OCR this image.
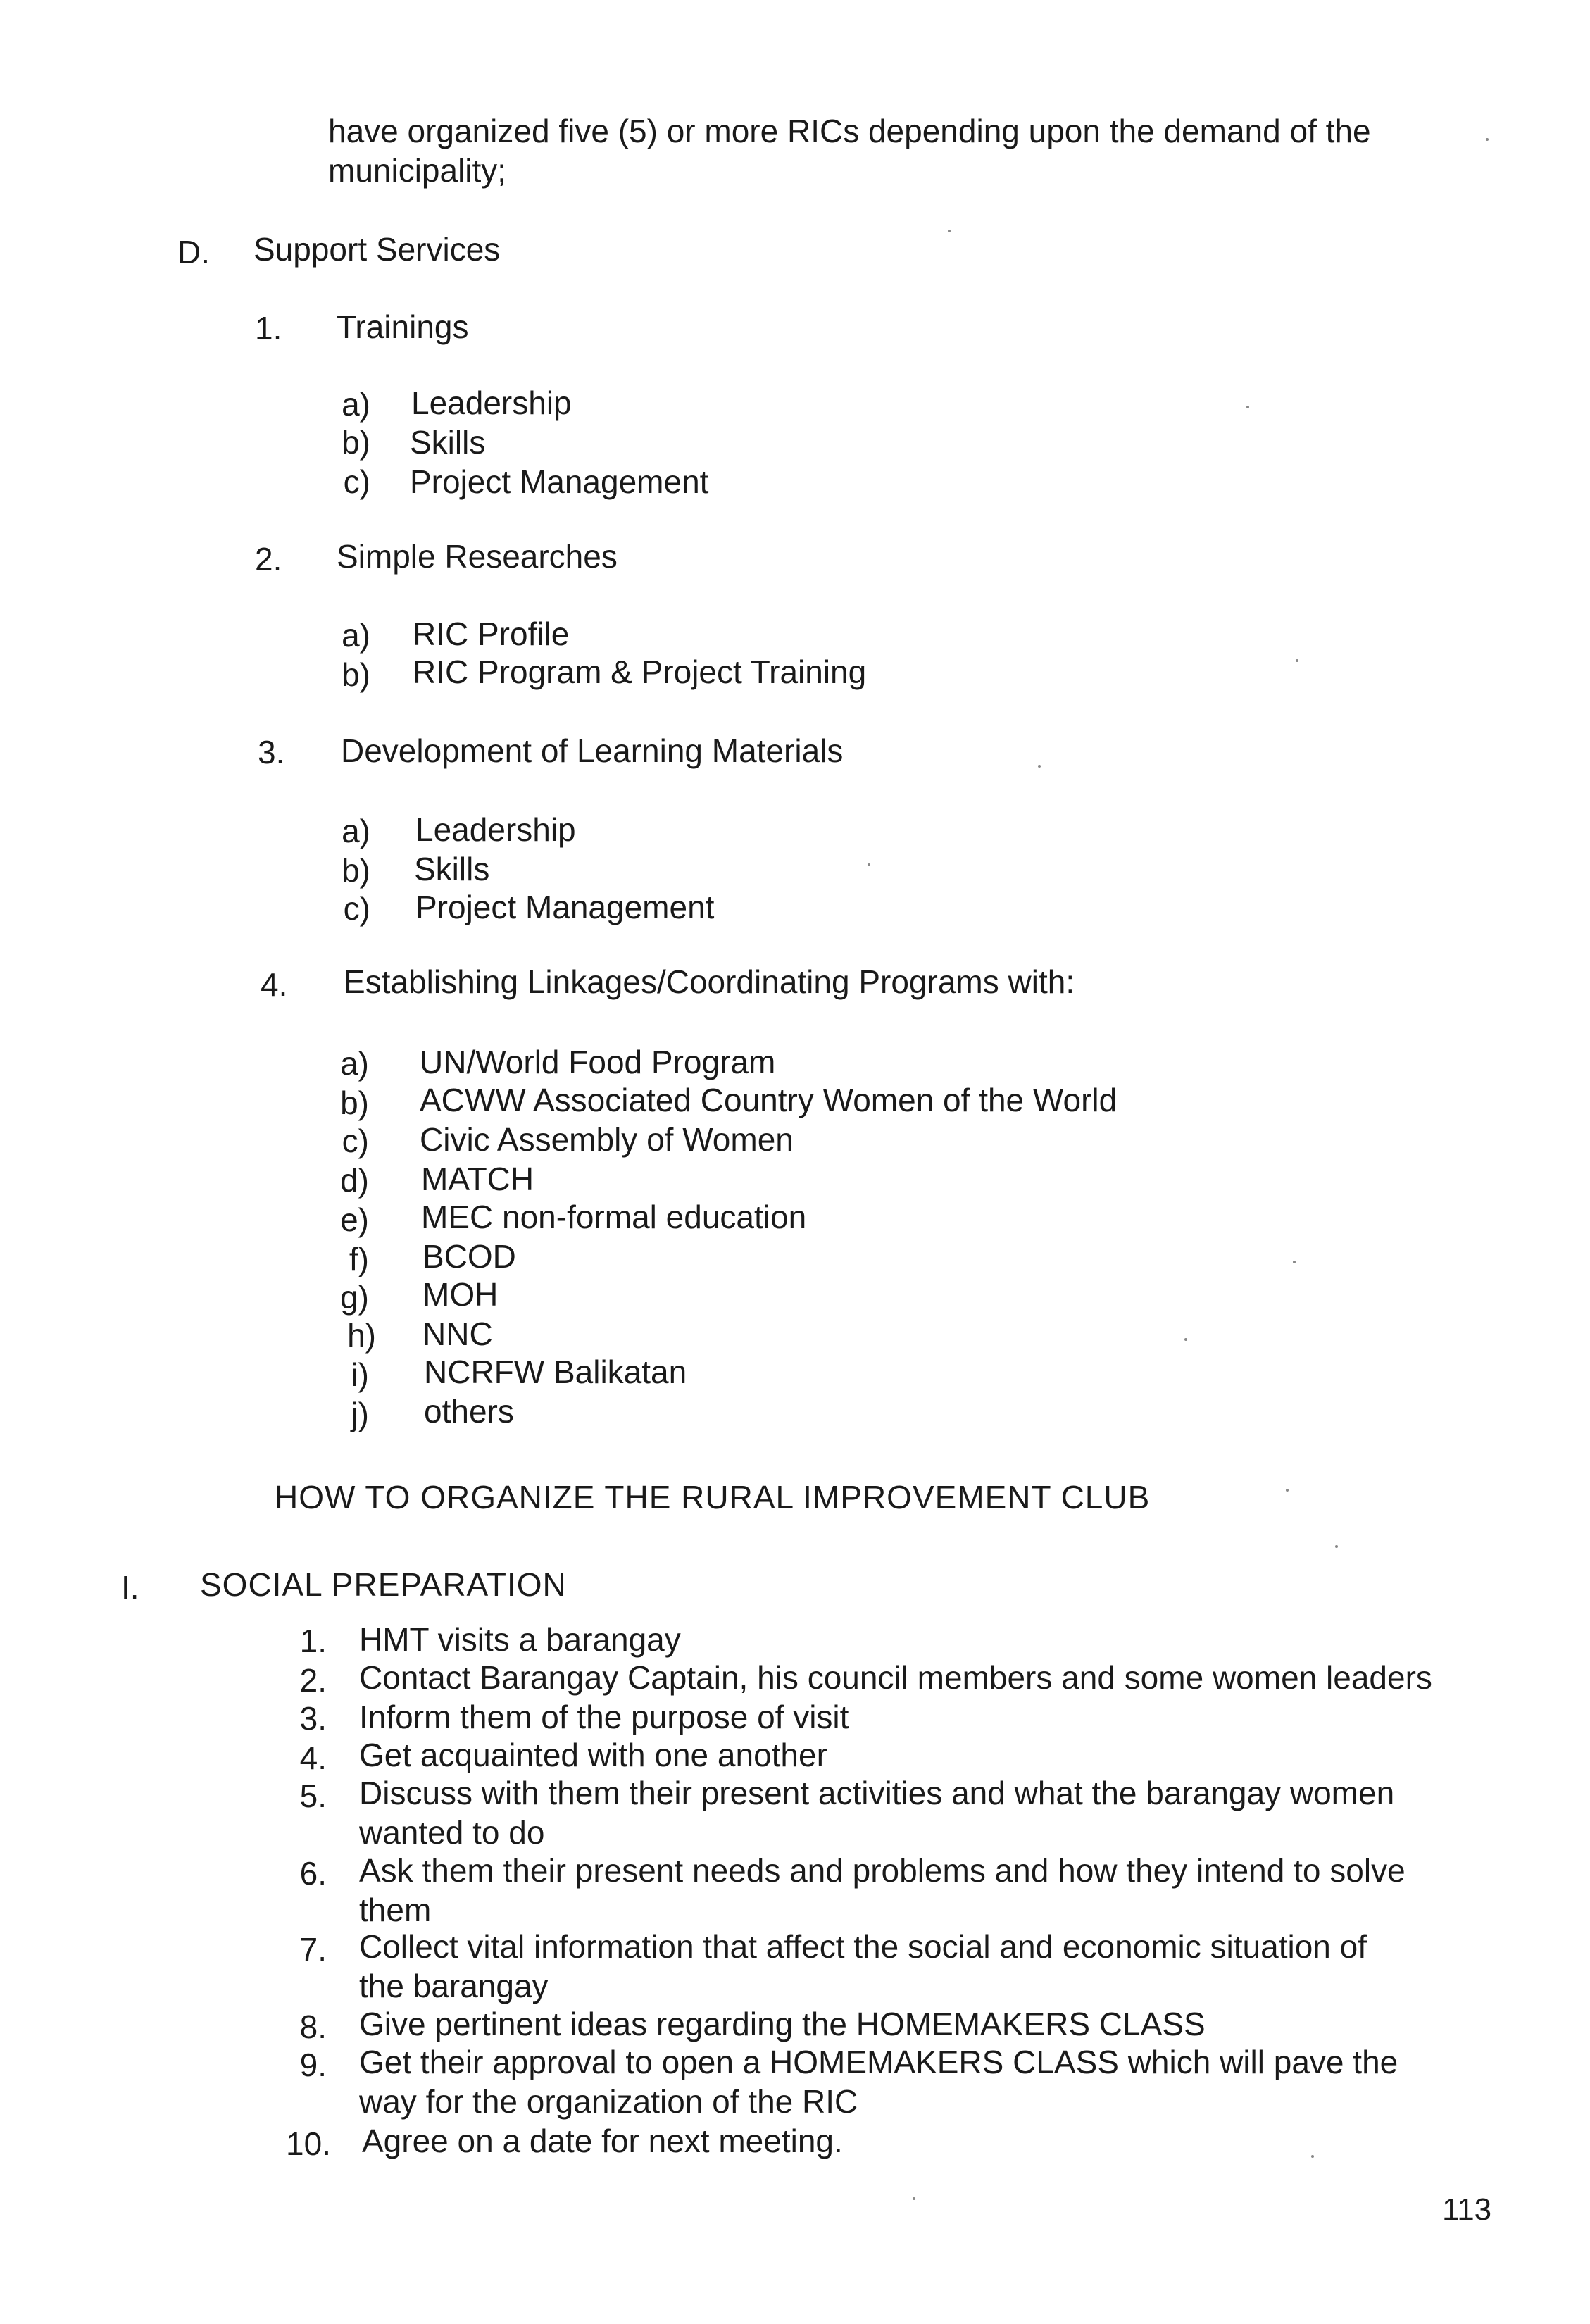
have organized five (5) or more RICs depending upon the demand of the
municipality;
D. Support Services
1. Trainings
a) Leadership
b) Skills
c) Project Management
2. Simple Researches
a) RIC Profile
b) RIC Program & Project Training
3. Development of Learning Materials
a) Leadership
b) Skills
c) Project Management
4. Establishing Linkages/Coordinating Programs with:
a) UN/World Food Program
b) ACWW Associated Country Women of the World
c) Civic Assembly of Women
d) MATCH
e) MEC non-formal education
f) BCOD
g) MOH
h) NNC
i) NCRFW Balikatan
j) others
HOW TO ORGANIZE THE RURAL IMPROVEMENT CLUB
I. SOCIAL PREPARATION
1. HMT visits a barangay
2. Contact Barangay Captain, his council members and some women leaders
3. Inform them of the purpose of visit
4. Get acquainted with one another
5. Discuss with them their present activities and what the barangay women
wanted to do
6. Ask them their present needs and problems and how they intend to solve
them
7. Collect vital information that affect the social and economic situation of
the barangay
8. Give pertinent ideas regarding the HOMEMAKERS CLASS
9. Get their approval to open a HOMEMAKERS CLASS which will pave the
way for the organization of the RIC
10. Agree on a date for next meeting.
113
